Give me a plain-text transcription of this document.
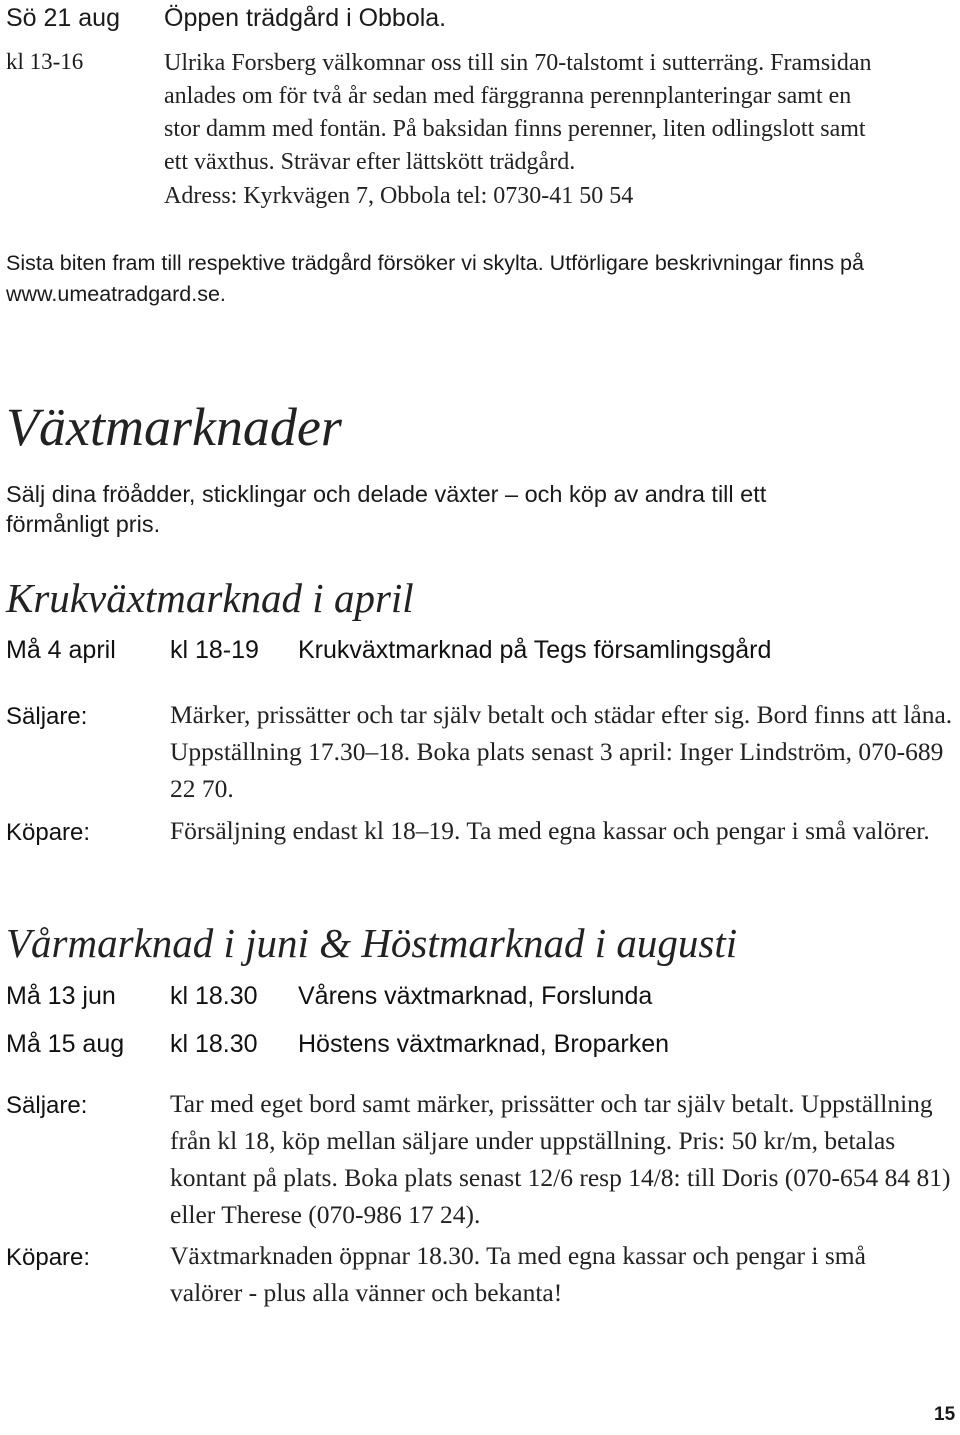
Sö 21 aug Öppen trädgård i Obbola.
kl 13-16	Ulrika Forsberg välkomnar oss till sin 70-talstomt i sutterräng. Framsidan
anlades om för två år sedan med färggranna perennplanteringar samt en
stor damm med fontän. På baksidan finns perenner, liten odlingslott samt
ett växthus. Strävar efter lättskött trädgård.
Adress: Kyrkvägen 7, Obbola tel: 0730-41 50 54
Sista biten fram till respektive trädgård försöker vi skylta. Utförligare beskrivningar finns på
www.umeatradgard.se.
Växtmarknader
Sälj dina fröådder, sticklingar och delade växter – och köp av andra till ett
förmånligt pris.
Krukväxtmarknad i april
Må 4 april kl 18-19 Krukväxtmarknad på Tegs församlingsgård
Säljare:	Märker, prissätter och tar själv betalt och städar efter sig. Bord finns att låna. Uppställning 17.30–18. Boka plats senast 3 april: Inger Lindström, 070-689 22 70.
Köpare:	Försäljning endast kl 18–19. Ta med egna kassar och pengar i små valörer.
Vårmarknad i juni & Höstmarknad i augusti
Må 13 jun kl 18.30 Vårens växtmarknad, Forslunda
Må 15 aug kl 18.30 Höstens växtmarknad, Broparken
Säljare:	Tar med eget bord samt märker, prissätter och tar själv betalt. Uppställning från kl 18, köp mellan säljare under uppställning. Pris: 50 kr/m, betalas kontant på plats. Boka plats senast 12/6 resp 14/8: till Doris (070-654 84 81) eller Therese (070-986 17 24).
Köpare:	Växtmarknaden öppnar 18.30. Ta med egna kassar och pengar i små valörer - plus alla vänner och bekanta!
15
